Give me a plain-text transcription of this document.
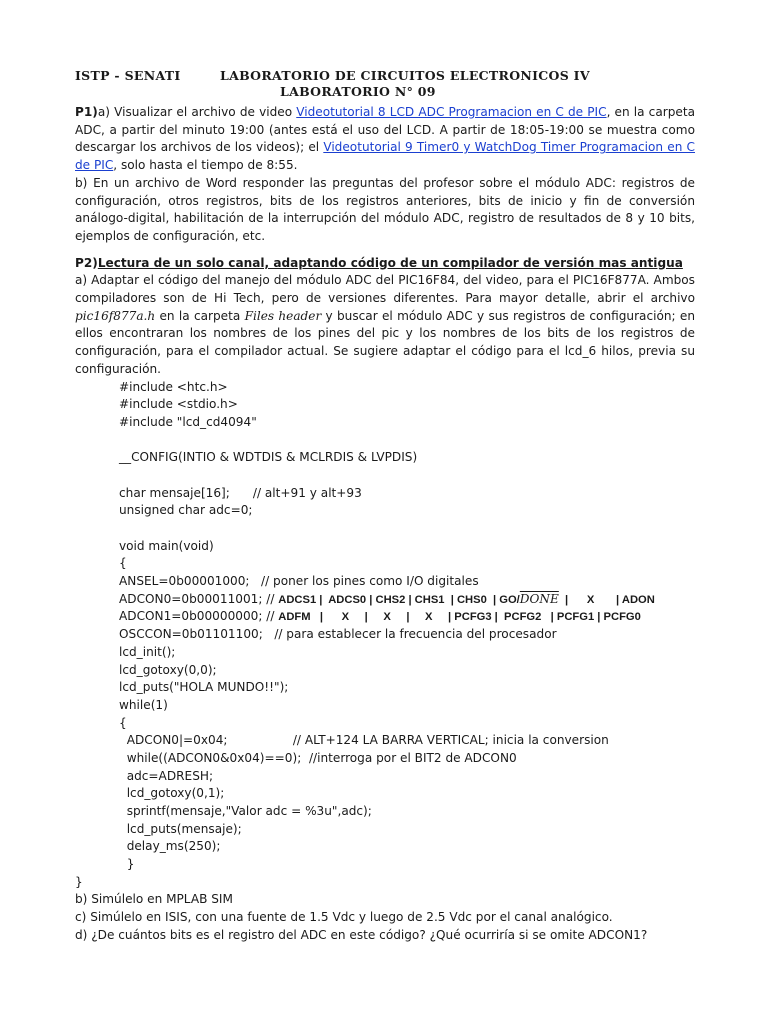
ISTP - SENATI	LABORATORIO DE CIRCUITOS ELECTRONICOS IV
LABORATORIO N° 09

P1)a) Visualizar el archivo de video Videotutorial 8 LCD ADC Programacion en C de PIC, en la carpeta ADC, a partir del minuto 19:00 (antes está el uso del LCD. A partir de 18:05-19:00 se muestra como descargar los archivos de los videos); el Videotutorial 9 Timer0 y WatchDog Timer Programacion en C de PIC, solo hasta el tiempo de 8:55.

b) En un archivo de Word responder las preguntas del profesor sobre el módulo ADC: registros de configuración, otros registros, bits de los registros anteriores, bits de inicio y fin de conversión análogo-digital, habilitación de la interrupción del módulo ADC, registro de resultados de 8 y 10 bits, ejemplos de configuración, etc.

P2)Lectura de un solo canal, adaptando código de un compilador de versión mas antigua

a) Adaptar el código del manejo del módulo ADC del PIC16F84, del video, para el PIC16F877A. Ambos compiladores son de Hi Tech, pero de versiones diferentes. Para mayor detalle, abrir el archivo pic16f877a.h en la carpeta Files header y buscar el módulo ADC y sus registros de configuración; en ellos encontraran los nombres de los pines del pic y los nombres de los bits de los registros de configuración, para el compilador actual. Se sugiere adaptar el código para el lcd_6 hilos, previa su configuración.

#include <htc.h>
#include <stdio.h>
#include "lcd_cd4094"
__CONFIG(INTIO & WDTDIS & MCLRDIS & LVPDIS)
char mensaje[16];      // alt+91 y alt+93
unsigned char adc=0;
void main(void)
{
ANSEL=0b00001000;   // poner los pines como I/O digitales
ADCON0=0b00011001; // ADCS1 |  ADCS0 | CHS2 | CHS1  | CHS0  | GO/DONE  |      X       | ADON
ADCON1=0b00000000; // ADFM   |      X     |     X     |     X     | PCFG3 |  PCFG2   | PCFG1 | PCFG0
OSCCON=0b01101100;   // para establecer la frecuencia del procesador
lcd_init();
lcd_gotoxy(0,0);
lcd_puts("HOLA MUNDO!!");
while(1)
{
ADCON0|=0x04;                 // ALT+124 LA BARRA VERTICAL; inicia la conversion
while((ADCON0&0x04)==0);  //interroga por el BIT2 de ADCON0
adc=ADRESH;
lcd_gotoxy(0,1);
sprintf(mensaje,"Valor adc = %3u",adc);
lcd_puts(mensaje);
delay_ms(250);
}
}

b) Simúlelo en MPLAB SIM

c) Simúlelo en ISIS, con una fuente de 1.5 Vdc y luego de 2.5 Vdc por el canal analógico.

d) ¿De cuántos bits es el registro del ADC en este código? ¿Qué ocurriría si se omite ADCON1?
